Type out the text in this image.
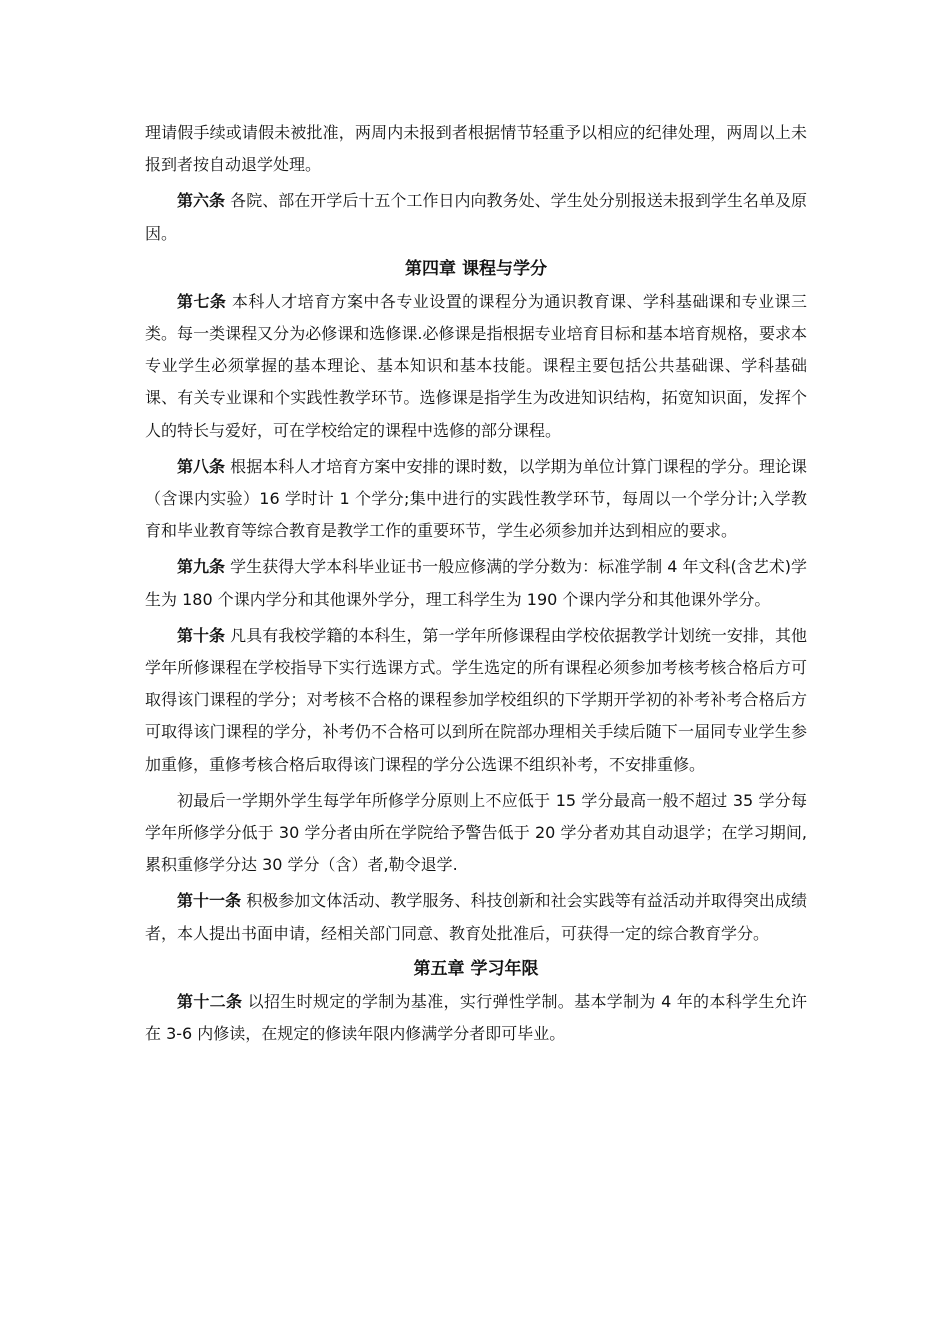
理请假手续或请假未被批准，两周内未报到者根据情节轻重予以相应的纪律处理，两周以上未报到者按自动退学处理。

第六条 各院、部在开学后十五个工作日内向教务处、学生处分别报送未报到学生名单及原因。

第四章 课程与学分

第七条 本科人才培育方案中各专业设置的课程分为通识教育课、学科基础课和专业课三类。每一类课程又分为必修课和选修课.必修课是指根据专业培育目标和基本培育规格，要求本专业学生必须掌握的基本理论、基本知识和基本技能。课程主要包括公共基础课、学科基础课、有关专业课和个实践性教学环节。选修课是指学生为改进知识结构，拓宽知识面，发挥个人的特长与爱好，可在学校给定的课程中选修的部分课程。

第八条 根据本科人才培育方案中安排的课时数，以学期为单位计算门课程的学分。理论课（含课内实验）16 学时计 1 个学分;集中进行的实践性教学环节，每周以一个学分计;入学教育和毕业教育等综合教育是教学工作的重要环节，学生必须参加并达到相应的要求。

第九条 学生获得大学本科毕业证书一般应修满的学分数为：标准学制 4 年文科(含艺术)学生为 180 个课内学分和其他课外学分，理工科学生为 190 个课内学分和其他课外学分。

第十条 凡具有我校学籍的本科生，第一学年所修课程由学校依据教学计划统一安排，其他学年所修课程在学校指导下实行选课方式。学生选定的所有课程必须参加考核考核合格后方可取得该门课程的学分；对考核不合格的课程参加学校组织的下学期开学初的补考补考合格后方可取得该门课程的学分，补考仍不合格可以到所在院部办理相关手续后随下一届同专业学生参加重修，重修考核合格后取得该门课程的学分公选课不组织补考，不安排重修。

初最后一学期外学生每学年所修学分原则上不应低于 15 学分最高一般不超过 35 学分每学年所修学分低于 30 学分者由所在学院给予警告低于 20 学分者劝其自动退学；在学习期间,累积重修学分达 30 学分（含）者,勒令退学.

第十一条 积极参加文体活动、教学服务、科技创新和社会实践等有益活动并取得突出成绩者，本人提出书面申请，经相关部门同意、教育处批准后，可获得一定的综合教育学分。

第五章 学习年限

第十二条 以招生时规定的学制为基准，实行弹性学制。基本学制为 4 年的本科学生允许在 3-6 内修读，在规定的修读年限内修满学分者即可毕业。
